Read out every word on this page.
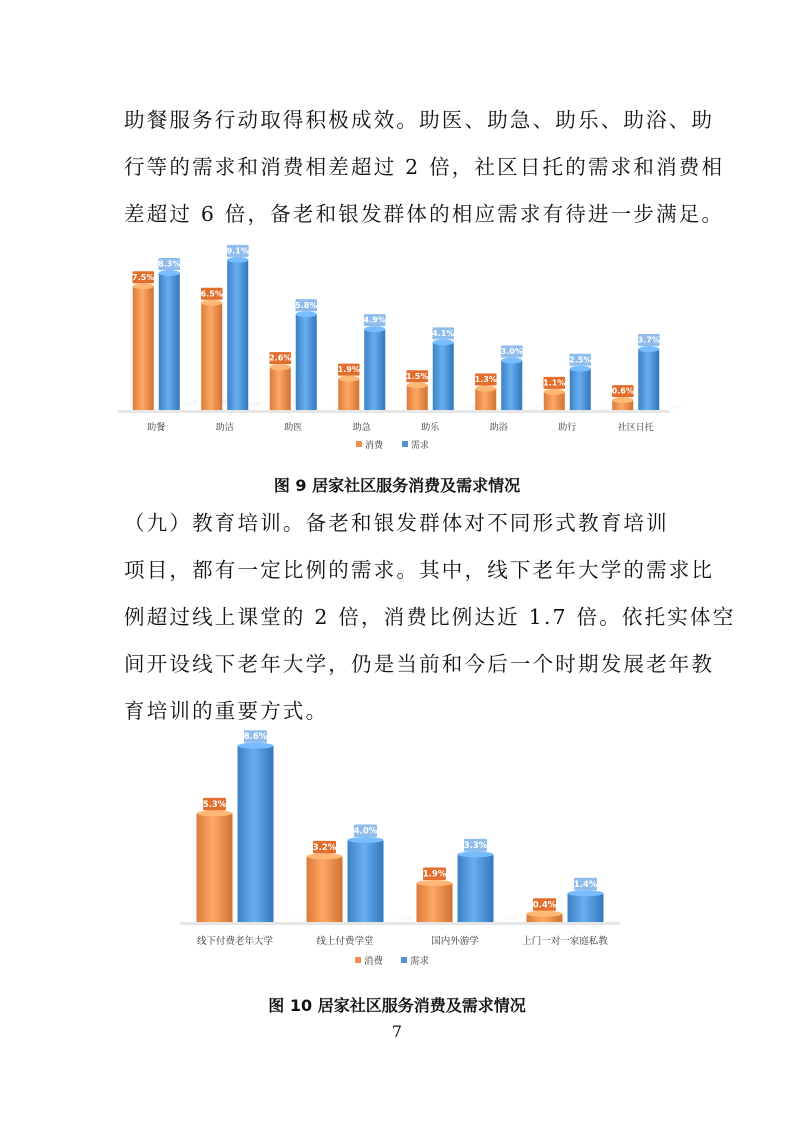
助餐服务行动取得积极成效。助医、助急、助乐、助浴、助
行等的需求和消费相差超过 2 倍，社区日托的需求和消费相
差超过 6 倍，备老和银发群体的相应需求有待进一步满足。
7.5%
8.3%
助餐
6.5%
9.1%
助洁
2.6%
5.8%
助医
1.9%
4.9%
助急
1.5%
4.1%
助乐
1.3%
3.0%
助浴
1.1%
2.5%
助行
0.6%
3.7%
社区日托
消费	需求
图 9 居家社区服务消费及需求情况
（九）教育培训。备老和银发群体对不同形式教育培训
项目，都有一定比例的需求。其中，线下老年大学的需求比
例超过线上课堂的 2 倍，消费比例达近 1.7 倍。依托实体空
间开设线下老年大学，仍是当前和今后一个时期发展老年教
育培训的重要方式。
5.3%
8.6%
线下付费老年大学
3.2%
4.0%
线上付费学堂
1.9%
3.3%
国内外游学
0.4%
1.4%
上门一对一家庭私教
消费	需求
图 10 居家社区服务消费及需求情况
7
